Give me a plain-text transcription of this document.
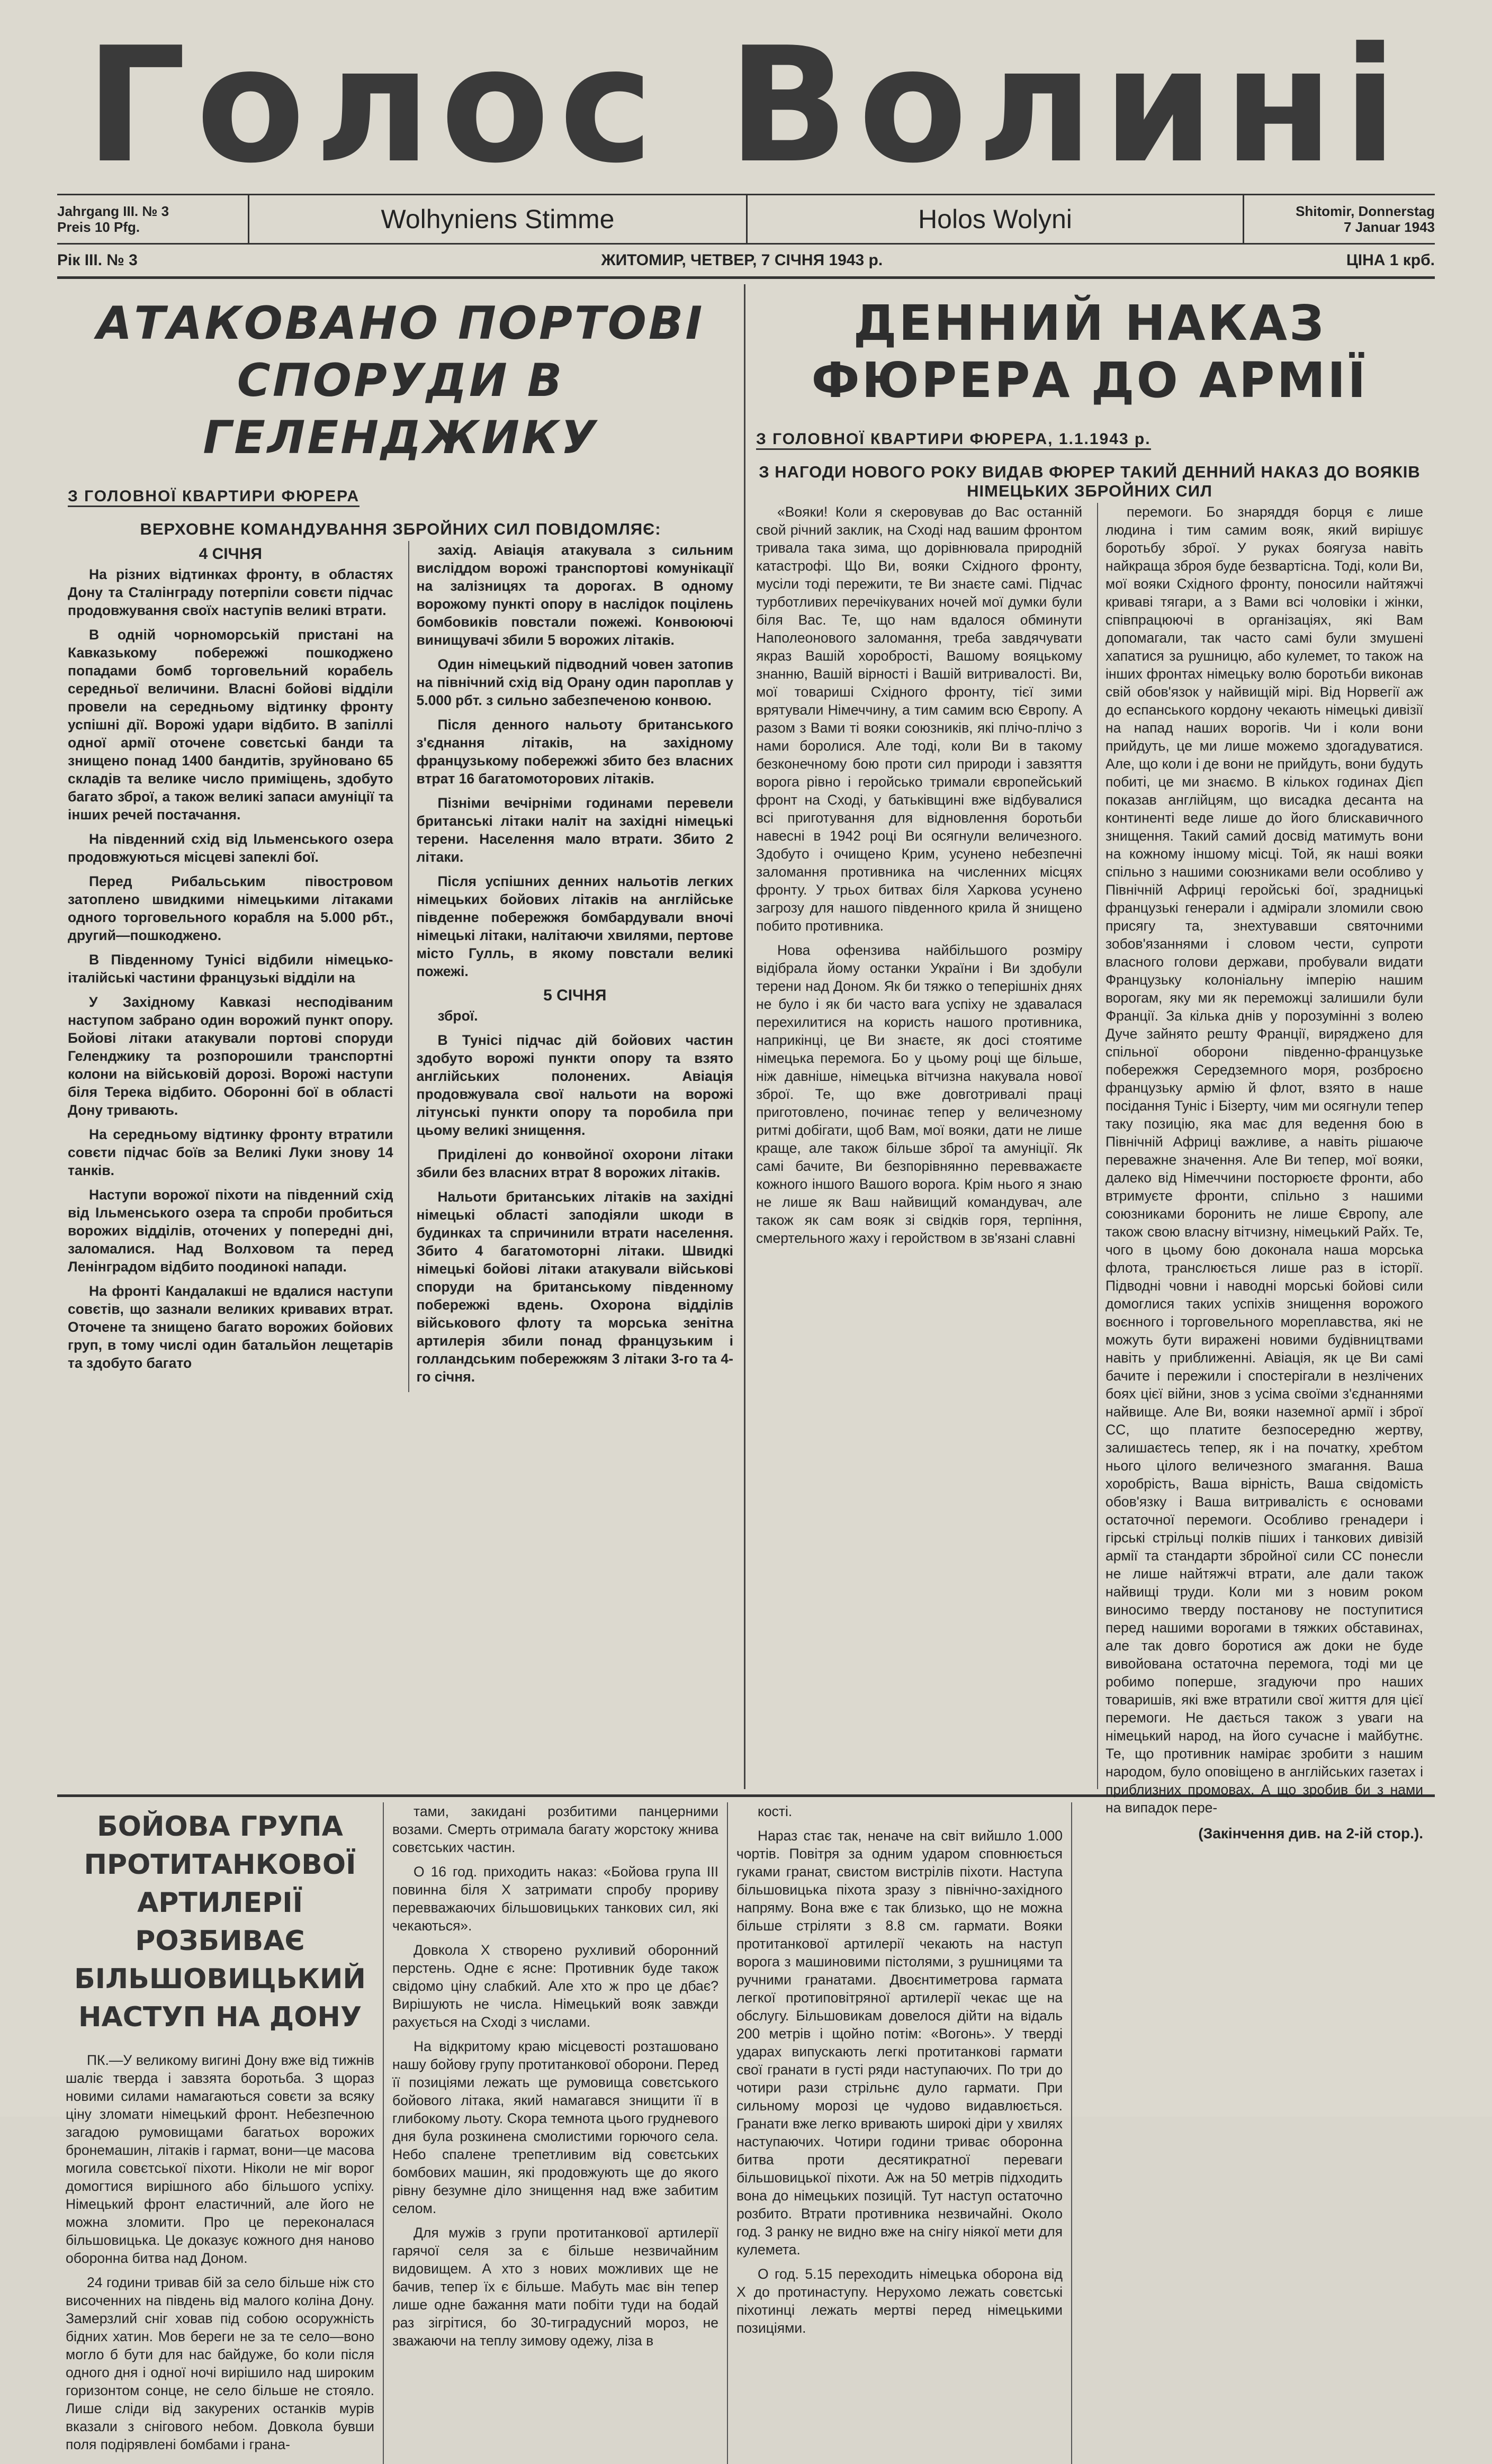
Голос Волині
Jahrgang III. № 3
Preis 10 Pfg.	Wolhyniens Stimme	Holos Wolyni	Shitomir, Donnerstag
7 Januar 1943
Рік III. № 3	ЖИТОМИР, ЧЕТВЕР, 7 СІЧНЯ 1943 р.	ЦІНА 1 крб.
АТАКОВАНО ПОРТОВІ СПОРУДИ В ГЕЛЕНДЖИКУ
З ГОЛОВНОЇ КВАРТИРИ ФЮРЕРА
ВЕРХОВНЕ КОМАНДУВАННЯ ЗБРОЙНИХ СИЛ ПОВІДОМЛЯЄ:
4 СІЧНЯ

На різних відтинках фронту, в областях Дону та Сталінграду потерпіли совєти підчас продовжування своїх наступів великі втрати.

В одній чорноморській пристані на Кавказькому побережжі пошкоджено попадами бомб торговельний корабель середньої величини. Власні бойові відділи провели на середньому відтинку фронту успішні дії. Ворожі удари відбито. В запіллі одної армії оточене совєтські банди та знищено понад 1400 бандитів, зруйновано 65 складів та велике число приміщень, здобуто багато зброї, а також великі запаси амуніції та інших речей постачання.

На південний схід від Ільменського озера продовжуються місцеві запеклі бої.

Перед Рибальським півостровом затоплено швидкими німецькими літаками одного торговельного корабля на 5.000 рбт., другий—пошкоджено.

В Південному Тунісі відбили німецько-італійські частини французькі відділи на

У Західному Кавказі несподіваним наступом забрано один ворожий пункт опору. Бойові літаки атакували портові споруди Геленджику та розпорошили транспортні колони на військовій дорозі. Ворожі наступи біля Терека відбито. Оборонні бої в області Дону тривають.

На середньому відтинку фронту втратили совєти підчас боїв за Великі Луки знову 14 танків.

Наступи ворожої піхоти на південний схід від Ільменського озера та спроби пробиться ворожих відділів, оточених у попередні дні, заломалися. Над Волховом та перед Ленінградом відбито поодинокі напади.

На фронті Кандалакші не вдалися наступи совєтів, що зазнали великих кривавих втрат. Оточене та знищено багато ворожих бойових груп, в тому числі один батальйон лещетарів та здобуто багато

захід. Авіація атакувала з сильним висліддом ворожі транспортові комунікації на залізницях та дорогах. В одному ворожому пункті опору в наслідок поцілень бомбовиків повстали пожежі. Конвоюючі винищувачі збили 5 ворожих літаків.

Один німецький підводний човен затопив на північний схід від Орану один пароплав у 5.000 рбт. з сильно забезпеченою конвою.

Після денного нальоту британського з'єднання літаків, на західному французькому побережжі збито без власних втрат 16 багатомоторових літаків.

Пізніми вечірніми годинами перевели британські літаки наліт на західні німецькі терени. Населення мало втрати. Збито 2 літаки.

Після успішних денних нальотів легких німецьких бойових літаків на англійське південне побережжя бомбардували вночі німецькі літаки, налітаючи хвилями, пертове місто Гулль, в якому повстали великі пожежі.

5 СІЧНЯ

зброї.

В Тунісі підчас дій бойових частин здобуто ворожі пункти опору та взято англійських полонених. Авіація продовжувала свої нальоти на ворожі літунські пункти опору та поробила при цьому великі знищення.

Приділені до конвойної охорони літаки збили без власних втрат 8 ворожих літаків.

Нальоти британських літаків на західні німецькі області заподіяли шкоди в будинках та спричинили втрати населення. Збито 4 багатомоторні літаки. Швидкі німецькі бойові літаки атакували військові споруди на британському південному побережжі вдень. Охорона відділів військового флоту та морська зенітна артилерія збили понад французьким і голландським побережжям 3 літаки 3-го та 4-го січня.

ДЕННИЙ НАКАЗ ФЮРЕРА ДО АРМІЇ
З ГОЛОВНОЇ КВАРТИРИ ФЮРЕРА, 1.1.1943 р.
З НАГОДИ НОВОГО РОКУ ВИДАВ ФЮРЕР ТАКИЙ ДЕННИЙ НАКАЗ ДО ВОЯКІВ НІМЕЦЬКИХ ЗБРОЙНИХ СИЛ

«Вояки! Коли я скеровував до Вас останній свой річний заклик, на Сході над вашим фронтом тривала така зима, що дорівнювала природній катастрофі. Що Ви, вояки Східного фронту, мусіли тоді пережити, те Ви знаєте самі. Підчас турботливих перечікуваних ночей мої думки були біля Вас. Те, що нам вдалося обминути Наполеонового заломання, треба завдячувати якраз Вашій хоробрості, Вашому вояцькому знанню, Вашій вірності і Вашій витривалості. Ви, мої товариші Східного фронту, тієї зими врятували Німеччину, а тим самим всю Європу. А разом з Вами ті вояки союзників, які плічо-плічо з нами боролися. Але тоді, коли Ви в такому безконечному бою проти сил природи і завзяття ворога рівно і геройсько тримали європейський фронт на Сході, у батьківщині вже відбувалися всі приготування для відновлення боротьби навесні в 1942 році Ви осягнули величезного. Здобуто і очищено Крим, усунено небезпечні заломання противника на численних місцях фронту. У трьох битвах біля Харкова усунено загрозу для нашого південного крила й знищено побито противника.

Нова офензива найбільшого розміру відібрала йому останки України і Ви здобули терени над Доном. Як би тяжко о теперішніх днях не було і як би часто вага успіху не здавалася перехилитися на користь нашого противника, наприкінці, це Ви знаєте, як досі стоятиме німецька перемога. Бо у цьому році ще більше, ніж давніше, німецька вітчизна накувала нової зброї. Те, що вже довготривалі праці приготовлено, починає тепер у величезному ритмі добігати, щоб Вам, мої вояки, дати не лише краще, але також більше зброї та амуніції. Як самі бачите, Ви безпорівнянно перевважаєте кожного іншого Вашого ворога. Крім нього я знаю не лише як Ваш найвищий командувач, але також як сам вояк зі свідків горя, терпіння, смертельного жаху і геройством в зв'язані славні

перемоги. Бо знаряддя борця є лише людина і тим самим вояк, який вирішує боротьбу зброї. У руках боягуза навіть найкраща зброя буде безвартісна. Тоді, коли Ви, мої вояки Східного фронту, поносили найтяжчі криваві тягари, а з Вами всі чоловіки і жінки, співпрацюючі в організаціях, які Вам допомагали, так часто самі були змушені хапатися за рушницю, або кулемет, то також на інших фронтах німецьку волю боротьби виконав свій обов'язок у найвищій мірі. Від Норвегії аж до еспанського кордону чекають німецькі дивізії на напад наших ворогів. Чи і коли вони прийдуть, це ми лише можемо здогадуватися. Але, що коли і де вони не прийдуть, вони будуть побиті, це ми знаємо. В кількох годинах Дієп показав англійцям, що висадка десанта на континенті веде лише до його блискавичного знищення. Такий самий досвід матимуть вони на кожному іншому місці. Той, як наші вояки спільно з нашими союзниками вели особливо у Північній Африці геройські бої, зрадницькі французькі генерали і адмірали зломили свою присягу та, знехтувавши святочними зобов'язаннями і словом чести, супроти власного голови держави, пробували видати Французьку колоніальну імперію нашим ворогам, яку ми як переможці залишили були Франції. За кілька днів у порозумінні з волею Дуче зайнято решту Франції, виряджено для спільної оборони південно-французьке побережжя Середземного моря, розброєно французьку армію й флот, взято в наше посідання Туніс і Бізерту, чим ми осягнули тепер таку позицію, яка має для ведення бою в Північній Африці важливе, а навіть рішаюче переважне значення. Але Ви тепер, мої вояки, далеко від Німеччини посторюєте фронти, або втримуєте фронти, спільно з нашими союзниками боронить не лише Європу, але також свою власну вітчизну, німецький Райх. Те, чого в цьому бою доконала наша морська флота, транслюється лише раз в історії. Підводні човни і наводні морські бойові сили домоглися таких успіхів знищення ворожого воєнного і торговельного мореплавства, які не можуть бути виражені новими будівництвами навіть у приближенні. Авіація, як це Ви самі бачите і пережили і спостерігали в незлічених боях цієї війни, знов з усіма своїми з'єднаннями найвище. Але Ви, вояки наземної армії і зброї СС, що платите безпосередню жертву, залишаєтесь тепер, як і на початку, хребтом нього цілого величезного змагання. Ваша хоробрість, Ваша вірність, Ваша свідомість обов'язку і Ваша витривалість є основами остаточної перемоги. Особливо гренадери і гірські стрільці полків піших і танкових дивізій армії та стандарти збройної сили СС понесли не лише найтяжчі втрати, але дали також найвищі труди. Коли ми з новим роком виносимо тверду постанову не поступитися перед нашими ворогами в тяжких обставинах, але так довго боротися аж доки не буде вивойована остаточна перемога, тоді ми це робимо поперше, згадуючи про наших товаришів, які вже втратили свої життя для цієї перемоги. Не дається також з уваги на німецький народ, на його сучасне і майбутнє. Те, що противник намірає зробити з нашим народом, було оповіщено в англійських газетах і приблизних промовах. А що зробив би з нами на випадок пере-

(Закінчення див. на 2-ій стор.).
БОЙОВА ГРУПА ПРОТИТАНКОВОЇ АРТИЛЕРІЇ РОЗБИВАЄ БІЛЬШОВИЦЬКИЙ НАСТУП НА ДОНУ

ПК.—У великому вигині Дону вже від тижнів шаліє тверда і завзята боротьба. З щораз новими силами намагаються совєти за всяку ціну зломати німецький фронт. Небезпечною загадою румовищами багатьох ворожих бронемашин, літаків і гармат, вони—це масова могила совєтської піхоти. Ніколи не міг ворог домогтися вирішного або більшого успіху. Німецький фронт еластичний, але його не можна зломити. Про це переконалася більшовицька. Це доказує кожного дня наново оборонна битва над Доном.

24 години тривав бій за село більше ніж сто височенних на південь від малого коліна Дону. Замерзлий сніг ховав під собою осоружність бідних хатин. Мов береги не за те село—воно могло б бути для нас байдуже, бо коли після одного дня і одної ночі вирішило над широким горизонтом сонце, не село більше не стояло. Лише сліди від закурених останків мурів вказали з снігового небом. Довкола бувши поля подірявлені бомбами і грана-

тами, закидані розбитими панцерними возами. Смерть отримала багату жорстоку жнива совєтських частин.

О 16 год. приходить наказ: «Бойова група III повинна біля Х затримати спробу прориву перевважаючих більшовицьких танкових сил, які чекаються».

Довкола Х створено рухливий оборонний перстень. Одне є ясне: Противник буде також свідомо ціну слабкий. Але хто ж про це дбає? Вирішують не числа. Німецький вояк завжди рахується на Сході з числами.

На відкритому краю місцевості розташовано нашу бойову групу протитанкової оборони. Перед її позиціями лежать ще румовища совєтського бойового літака, який намагався знищити її в глибокому льоту. Скора темнота цього грудневого дня була розкинена смолистими горючого села. Небо спалене трепетливим від совєтських бомбових машин, які продовжують ще до якого рівну безумне діло знищення над вже забитим селом.

Для мужів з групи протитанкової артилерії гарячої селя за є більше незвичайним видовищем. А хто з нових можливих ще не бачив, тепер їх є більше. Мабуть має він тепер лише одне бажання мати побіти туди на бодай раз зігрітися, бо 30-тиградусний мороз, не зважаючи на теплу зимову одежу, ліза в

кості.

Нараз стає так, неначе на світ вийшло 1.000 чортів. Повітря за одним ударом сповнюється гуками гранат, свистом вистрілів піхоти. Наступа більшовицька піхота зразу з північно-західного напряму. Вона вже є так близько, що не можна більше стріляти з 8.8 см. гармати. Вояки протитанкової артилерії чекають на наступ ворога з машиновими пістолями, з рушницями та ручними гранатами. Двоєнтиметрова гармата легкої протиповітряної артилерії чекає ще на обслугу. Більшовикам довелося дійти на відаль 200 метрів і щойно потім: «Вогонь». У тверді ударах випускають легкі протитанкові гармати свої гранати в густі ряди наступаючих. По три до чотири рази стрільнє дуло гармати. При сильному морозі це чудово видавлюється. Гранати вже легко вривають широкі діри у хвилях наступаючих. Чотири години триває оборонна битва проти десятикратної переваги більшовицької піхоти. Аж на 50 метрів підходить вона до німецьких позицій. Тут наступ остаточно розбито. Втрати противника незвичайні. Около год. 3 ранку не видно вже на снігу ніякої мети для кулемета.

О год. 5.15 переходить німецька оборона від X до протинаступу. Нерухомо лежать совєтські піхотинці лежать мертві перед німецькими позиціями.
